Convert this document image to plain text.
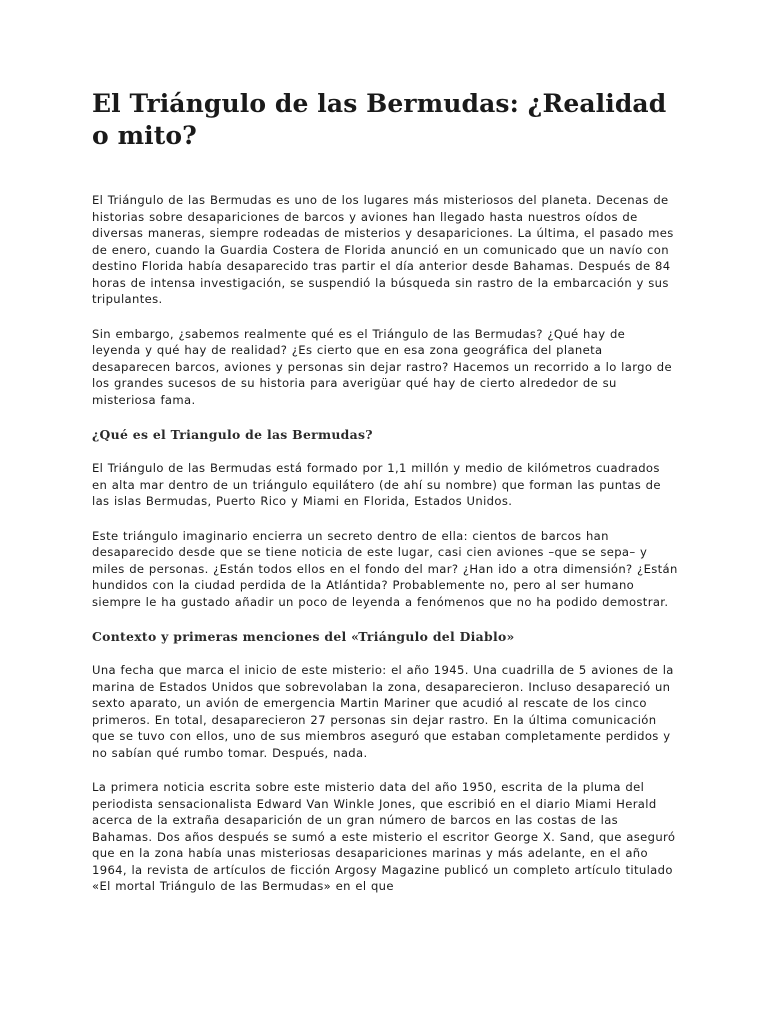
El Triángulo de las Bermudas: ¿Realidad o mito?

El Triángulo de las Bermudas es uno de los lugares más misteriosos del planeta. Decenas de historias sobre desapariciones de barcos y aviones han llegado hasta nuestros oídos de diversas maneras, siempre rodeadas de misterios y desapariciones. La última, el pasado mes de enero, cuando la Guardia Costera de Florida anunció en un comunicado que un navío con destino Florida había desaparecido tras partir el día anterior desde Bahamas. Después de 84 horas de intensa investigación, se suspendió la búsqueda sin rastro de la embarcación y sus tripulantes.

Sin embargo, ¿sabemos realmente qué es el Triángulo de las Bermudas? ¿Qué hay de leyenda y qué hay de realidad? ¿Es cierto que en esa zona geográfica del planeta desaparecen barcos, aviones y personas sin dejar rastro? Hacemos un recorrido a lo largo de los grandes sucesos de su historia para averigüar qué hay de cierto alrededor de su misteriosa fama.

¿Qué es el Triangulo de las Bermudas?

El Triángulo de las Bermudas está formado por 1,1 millón y medio de kilómetros cuadrados en alta mar dentro de un triángulo equilátero (de ahí su nombre) que forman las puntas de las islas Bermudas, Puerto Rico y Miami en Florida, Estados Unidos.

Este triángulo imaginario encierra un secreto dentro de ella: cientos de barcos han desaparecido desde que se tiene noticia de este lugar, casi cien aviones –que se sepa– y miles de personas. ¿Están todos ellos en el fondo del mar? ¿Han ido a otra dimensión? ¿Están hundidos con la ciudad perdida de la Atlántida? Probablemente no, pero al ser humano siempre le ha gustado añadir un poco de leyenda a fenómenos que no ha podido demostrar.

Contexto y primeras menciones del «Triángulo del Diablo»

Una fecha que marca el inicio de este misterio: el año 1945. Una cuadrilla de 5 aviones de la marina de Estados Unidos que sobrevolaban la zona, desaparecieron. Incluso desapareció un sexto aparato, un avión de emergencia Martin Mariner que acudió al rescate de los cinco primeros. En total, desaparecieron 27 personas sin dejar rastro. En la última comunicación que se tuvo con ellos, uno de sus miembros aseguró que estaban completamente perdidos y no sabían qué rumbo tomar. Después, nada.

La primera noticia escrita sobre este misterio data del año 1950, escrita de la pluma del periodista sensacionalista Edward Van Winkle Jones, que escribió en el diario Miami Herald acerca de la extraña desaparición de un gran número de barcos en las costas de las Bahamas. Dos años después se sumó a este misterio el escritor George X. Sand, que aseguró que en la zona había unas misteriosas desapariciones marinas y más adelante, en el año 1964, la revista de artículos de ficción Argosy Magazine publicó un completo artículo titulado «El mortal Triángulo de las Bermudas» en el que
